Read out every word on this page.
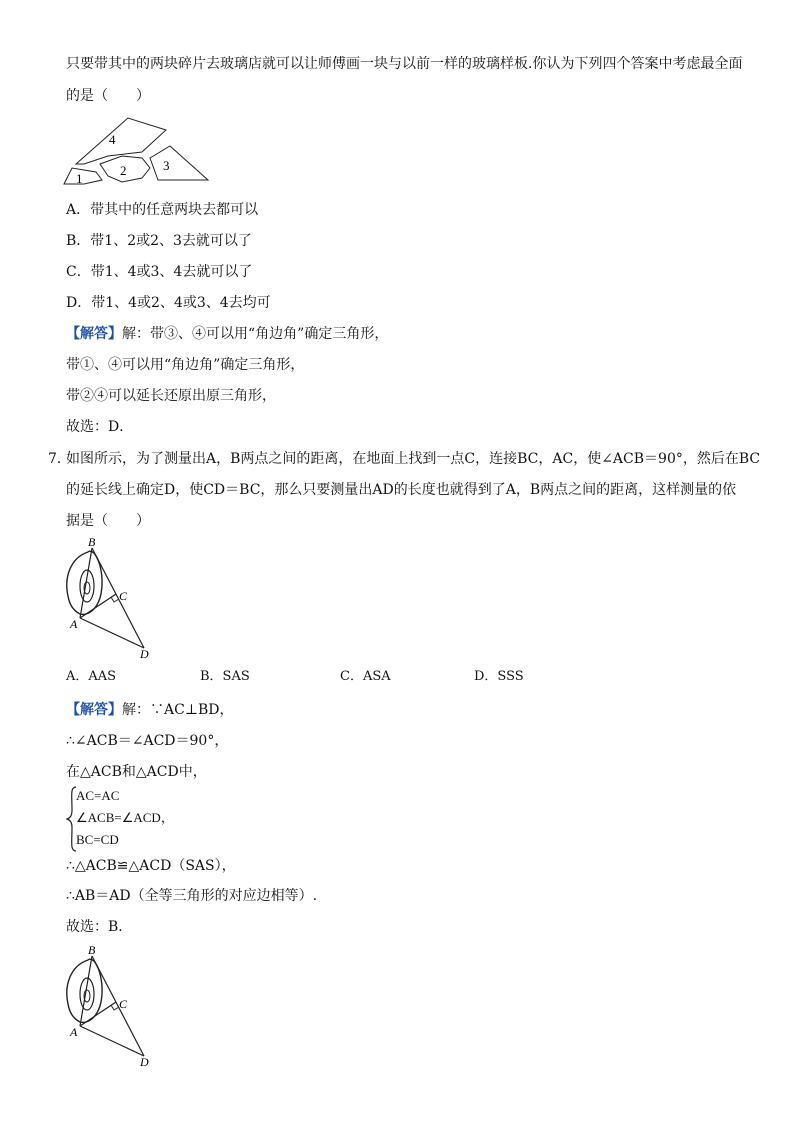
只要带其中的两块碎片去玻璃店就可以让师傅画一块与以前一样的玻璃样板.你认为下列四个答案中考虑最全面
的是（　　）
4
1
2	3
A．带其中的任意两块去都可以
B．带1、2或2、3去就可以了
C．带1、4或3、4去就可以了
D．带1、4或2、4或3、4去均可
【解答】解：带③、④可以用“角边角”确定三角形，
带①、④可以用“角边角”确定三角形，
带②④可以延长还原出原三角形，
故选：D．
7．
如图所示，为了测量出A，B两点之间的距离，在地面上找到一点C，连接BC，AC，使∠ACB＝90°，然后在BC
的延长线上确定D，使CD＝BC，那么只要测量出AD的长度也就得到了A，B两点之间的距离，这样测量的依
据是（　　）
B
C
A
D
A．AAS	B．SAS	C．ASA	D．SSS
【解答】解：∵AC⊥BD，
∴∠ACB＝∠ACD＝90°，
在△ACB和△ACD中，
AC=AC
∠ACB=∠ACD，
BC=CD
∴△ACB≌△ACD（SAS），
∴AB＝AD（全等三角形的对应边相等）.
故选：B．
B
C
A
D
